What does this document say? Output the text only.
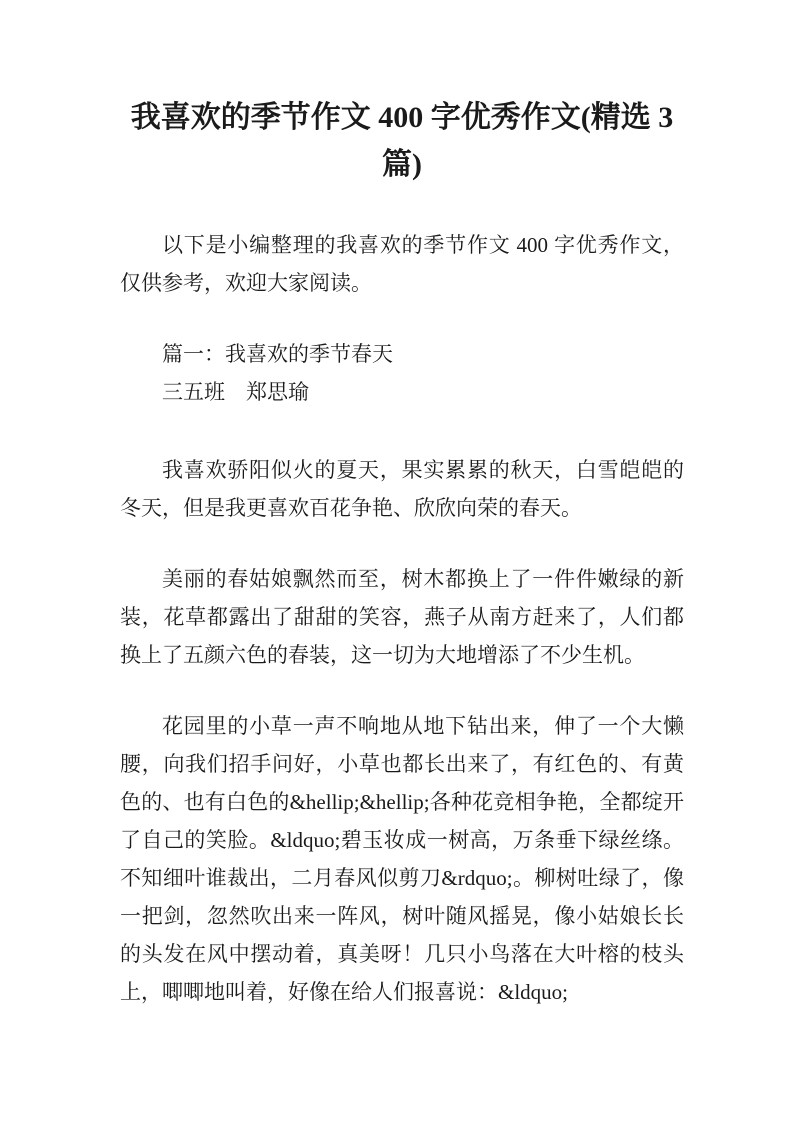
我喜欢的季节作文 400 字优秀作文(精选 3 篇)

以下是小编整理的我喜欢的季节作文 400 字优秀作文，仅供参考，欢迎大家阅读。

篇一：我喜欢的季节春天

三五班　郑思瑜

我喜欢骄阳似火的夏天，果实累累的秋天，白雪皑皑的冬天，但是我更喜欢百花争艳、欣欣向荣的春天。

美丽的春姑娘飘然而至，树木都换上了一件件嫩绿的新装，花草都露出了甜甜的笑容，燕子从南方赶来了，人们都换上了五颜六色的春装，这一切为大地增添了不少生机。

花园里的小草一声不响地从地下钻出来，伸了一个大懒腰，向我们招手问好，小草也都长出来了，有红色的、有黄色的、也有白色的&hellip;&hellip;各种花竞相争艳，全都绽开了自己的笑脸。&ldquo;碧玉妆成一树高，万条垂下绿丝绦。不知细叶谁裁出，二月春风似剪刀&rdquo;。柳树吐绿了，像一把剑，忽然吹出来一阵风，树叶随风摇晃，像小姑娘长长的头发在风中摆动着，真美呀！几只小鸟落在大叶榕的枝头上，唧唧地叫着，好像在给人们报喜说：&ldquo;
